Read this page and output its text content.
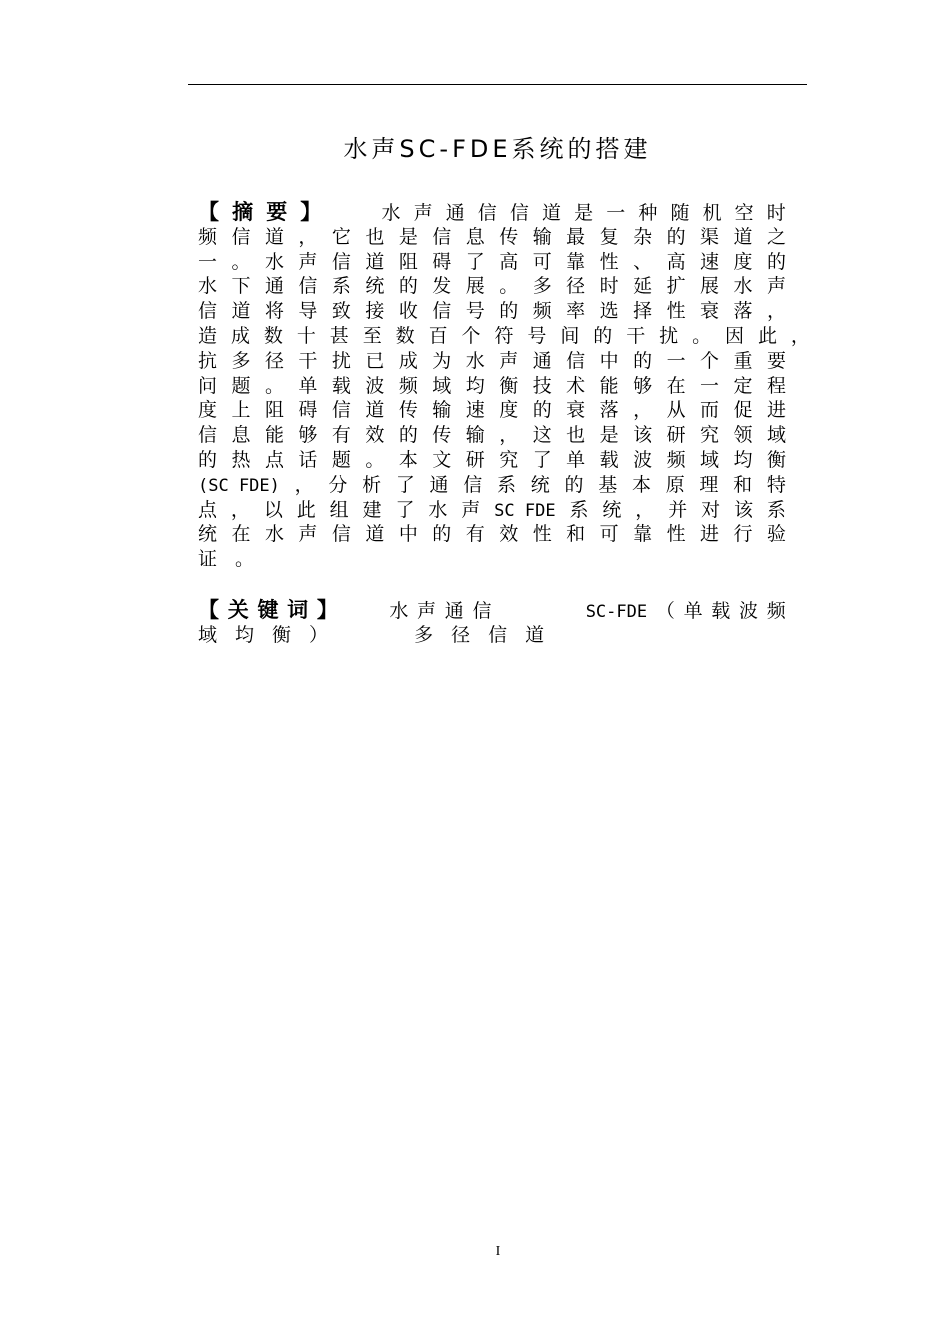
水声SC-FDE系统的搭建
【 摘 要 】	水 声 通 信 信 道 是 一 种 随 机 空 时
频 信 道 ， 它 也 是 信 息 传 输 最 复 杂 的 渠 道 之
一 。 水 声 信 道 阻 碍 了 高 可 靠 性 、 高 速 度 的
水 下 通 信 系 统 的 发 展 。 多 径 时 延 扩 展 水 声
信 道 将 导 致 接 收 信 号 的 频 率 选 择 性 衰 落 ，
造 成 数 十 甚 至 数 百 个 符 号 间 的 干 扰 。 因 此 ，
抗 多 径 干 扰 已 成 为 水 声 通 信 中 的 一 个 重 要
问 题 。 单 载 波 频 域 均 衡 技 术 能 够 在 一 定 程
度 上 阻 碍 信 道 传 输 速 度 的 衰 落 ， 从 而 促 进
信 息 能 够 有 效 的 传 输 ， 这 也 是 该 研 究 领 域
的 热 点 话 题 。 本 文 研 究 了 单 载 波 频 域 均 衡
(SC FDE) ， 分 析 了 通 信 系 统 的 基 本 原 理 和 特
点 ， 以 此 组 建 了 水 声 SC FDE 系 统 ， 并 对 该 系
统 在 水 声 信 道 中 的 有 效 性 和 可 靠 性 进 行 验
证 。
【 关 键 词 】	水 声 通 信	SC-FDE （ 单 载 波 频
域 均 衡 ）	多 径 信 道
I
